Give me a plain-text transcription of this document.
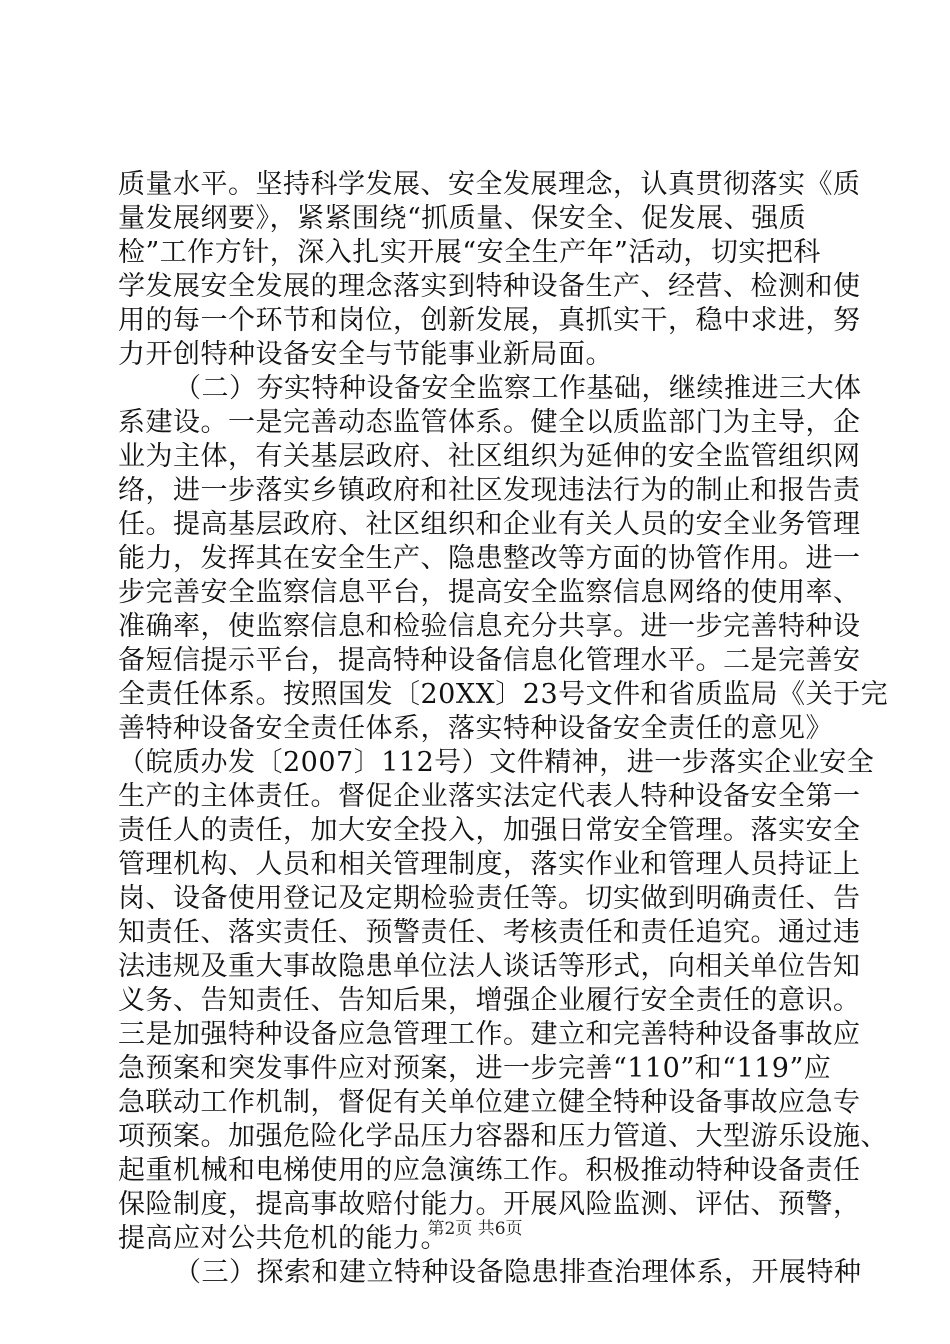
质量水平。坚持科学发展、安全发展理念，认真贯彻落实《质
量发展纲要》，紧紧围绕“抓质量、保安全、促发展、强质
检”工作方针，深入扎实开展“安全生产年”活动，切实把科
学发展安全发展的理念落实到特种设备生产、经营、检测和使
用的每一个环节和岗位，创新发展，真抓实干，稳中求进，努
力开创特种设备安全与节能事业新局面。
（二）夯实特种设备安全监察工作基础，继续推进三大体
系建设。一是完善动态监管体系。健全以质监部门为主导，企
业为主体，有关基层政府、社区组织为延伸的安全监管组织网
络，进一步落实乡镇政府和社区发现违法行为的制止和报告责
任。提高基层政府、社区组织和企业有关人员的安全业务管理
能力，发挥其在安全生产、隐患整改等方面的协管作用。进一
步完善安全监察信息平台，提高安全监察信息网络的使用率、
准确率，使监察信息和检验信息充分共享。进一步完善特种设
备短信提示平台，提高特种设备信息化管理水平。二是完善安
全责任体系。按照国发〔20XX〕23号文件和省质监局《关于完
善特种设备安全责任体系，落实特种设备安全责任的意见》
（皖质办发〔2007〕112号）文件精神，进一步落实企业安全
生产的主体责任。督促企业落实法定代表人特种设备安全第一
责任人的责任，加大安全投入，加强日常安全管理。落实安全
管理机构、人员和相关管理制度，落实作业和管理人员持证上
岗、设备使用登记及定期检验责任等。切实做到明确责任、告
知责任、落实责任、预警责任、考核责任和责任追究。通过违
法违规及重大事故隐患单位法人谈话等形式，向相关单位告知
义务、告知责任、告知后果，增强企业履行安全责任的意识。
三是加强特种设备应急管理工作。建立和完善特种设备事故应
急预案和突发事件应对预案，进一步完善“110”和“119”应
急联动工作机制，督促有关单位建立健全特种设备事故应急专
项预案。加强危险化学品压力容器和压力管道、大型游乐设施、
起重机械和电梯使用的应急演练工作。积极推动特种设备责任
保险制度，提高事故赔付能力。开展风险监测、评估、预警，
提高应对公共危机的能力。
（三）探索和建立特种设备隐患排查治理体系，开展特种
第2页 共6页
